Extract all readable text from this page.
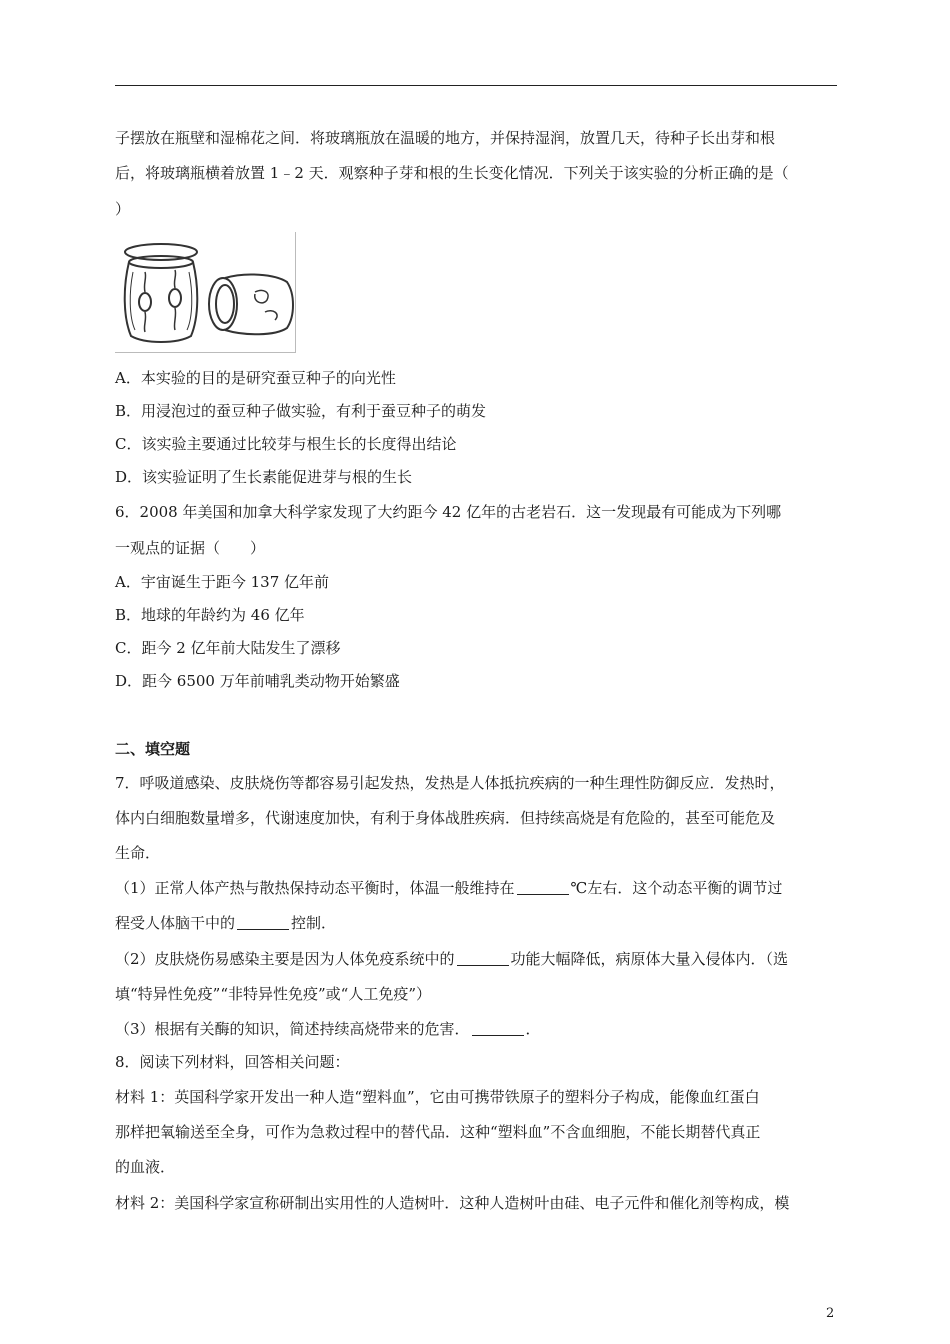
子摆放在瓶壁和湿棉花之间．将玻璃瓶放在温暖的地方，并保持湿润，放置几天，待种子长出芽和根
后，将玻璃瓶横着放置 1﹣2 天．观察种子芽和根的生长变化情况．下列关于该实验的分析正确的是（
）
A．本实验的目的是研究蚕豆种子的向光性
B．用浸泡过的蚕豆种子做实验，有利于蚕豆种子的萌发
C．该实验主要通过比较芽与根生长的长度得出结论
D．该实验证明了生长素能促进芽与根的生长
6．2008 年美国和加拿大科学家发现了大约距今 42 亿年的古老岩石．这一发现最有可能成为下列哪
一观点的证据（　　）
A．宇宙诞生于距今 137 亿年前
B．地球的年龄约为 46 亿年
C．距今 2 亿年前大陆发生了漂移
D．距今 6500 万年前哺乳类动物开始繁盛
二、填空题
7．呼吸道感染、皮肤烧伤等都容易引起发热，发热是人体抵抗疾病的一种生理性防御反应．发热时，
体内白细胞数量增多，代谢速度加快，有利于身体战胜疾病．但持续高烧是有危险的，甚至可能危及
生命．
（1）正常人体产热与散热保持动态平衡时，体温一般维持在	℃左右．这个动态平衡的调节过
程受人体脑干中的	控制．
（2）皮肤烧伤易感染主要是因为人体免疫系统中的	功能大幅降低，病原体大量入侵体内．（选
填“特异性免疫”“非特异性免疫”或“人工免疫”）
（3）根据有关酶的知识，简述持续高烧带来的危害．	．
8．阅读下列材料，回答相关问题：
材料 1：英国科学家开发出一种人造“塑料血”，它由可携带铁原子的塑料分子构成，能像血红蛋白
那样把氧输送至全身，可作为急救过程中的替代品．这种“塑料血”不含血细胞，不能长期替代真正
的血液．
材料 2：美国科学家宣称研制出实用性的人造树叶．这种人造树叶由硅、电子元件和催化剂等构成，模
2
